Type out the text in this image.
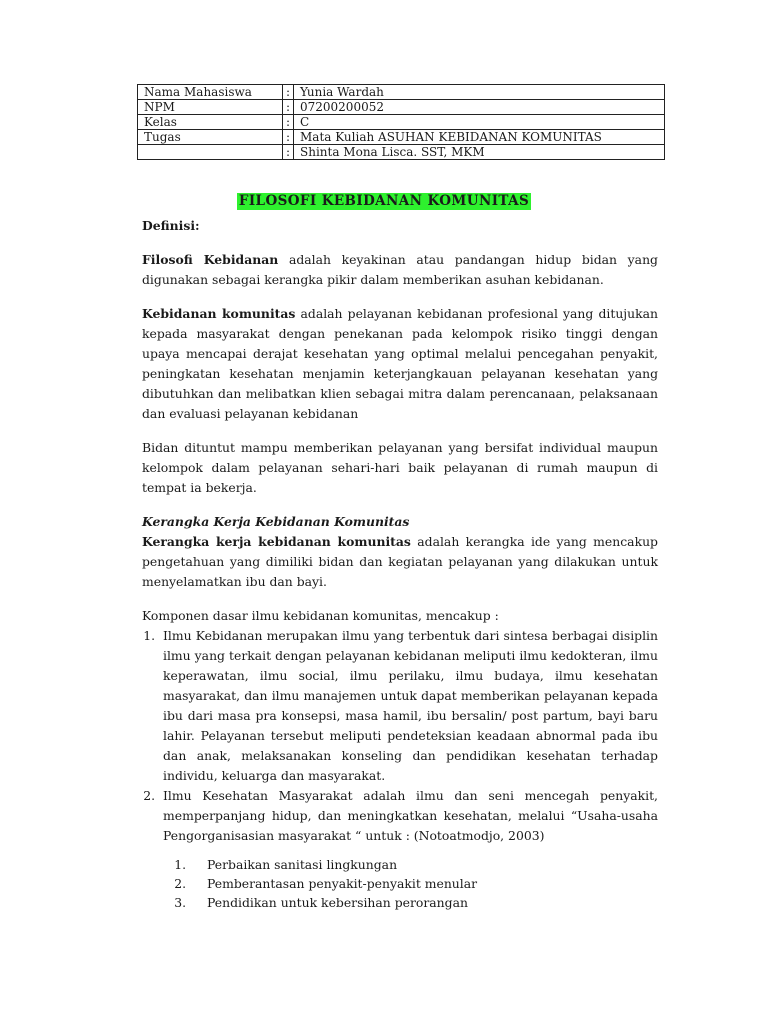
Nama Mahasiswa	:	Yunia Wardah
NPM	:	07200200052
Kelas	:	C
Tugas	:	Mata Kuliah ASUHAN KEBIDANAN KOMUNITAS
	:	Shinta Mona Lisca. SST, MKM
FILOSOFI KEBIDANAN KOMUNITAS

Definisi:

Filosofi Kebidanan adalah keyakinan atau pandangan hidup bidan yang digunakan sebagai kerangka pikir dalam memberikan asuhan kebidanan.

Kebidanan komunitas adalah pelayanan kebidanan profesional yang ditujukan kepada masyarakat dengan penekanan pada kelompok risiko tinggi dengan upaya mencapai derajat kesehatan yang optimal melalui pencegahan penyakit, peningkatan kesehatan menjamin keterjangkauan pelayanan kesehatan yang dibutuhkan dan melibatkan klien sebagai mitra dalam perencanaan, pelaksanaan dan evaluasi pelayanan kebidanan

Bidan dituntut mampu memberikan pelayanan yang bersifat individual maupun kelompok dalam pelayanan sehari-hari baik pelayanan di rumah maupun di tempat ia bekerja.

Kerangka Kerja Kebidanan Komunitas

Kerangka kerja kebidanan komunitas adalah kerangka ide yang mencakup pengetahuan yang dimiliki bidan dan kegiatan pelayanan yang dilakukan untuk menyelamatkan ibu dan bayi.

Komponen dasar ilmu kebidanan komunitas, mencakup :

1. Ilmu Kebidanan merupakan ilmu yang terbentuk dari sintesa berbagai disiplin ilmu yang terkait dengan pelayanan kebidanan meliputi ilmu kedokteran, ilmu keperawatan, ilmu social, ilmu perilaku, ilmu budaya, ilmu kesehatan masyarakat, dan ilmu manajemen untuk dapat memberikan pelayanan kepada ibu dari masa pra konsepsi, masa hamil, ibu bersalin/ post partum, bayi baru lahir. Pelayanan tersebut meliputi pendeteksian keadaan abnormal pada ibu dan anak, melaksanakan konseling dan pendidikan kesehatan terhadap individu, keluarga dan masyarakat.
2. Ilmu Kesehatan Masyarakat adalah ilmu dan seni mencegah penyakit, memperpanjang hidup, dan meningkatkan kesehatan, melalui “Usaha-usaha Pengorganisasian masyarakat “ untuk : (Notoatmodjo, 2003)
1. Perbaikan sanitasi lingkungan
2. Pemberantasan penyakit-penyakit menular
3. Pendidikan untuk kebersihan perorangan
